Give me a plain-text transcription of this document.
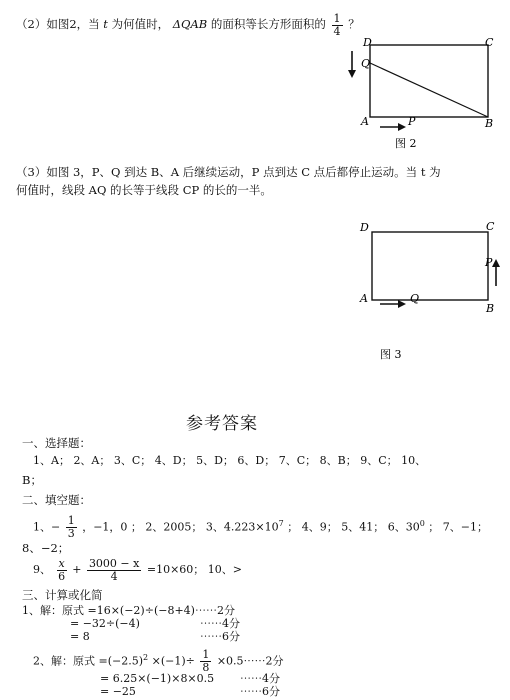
（2）如图2，当 t 为何值时， ΔQAB 的面积等长方形面积的 $\frac{1}{4}$ ？
D	C
Q
A	P	B
图 2
（3）如图 3，P、Q 到达 B、A 后继续运动，P 点到达 C 点后都停止运动。当 t 为
何值时，线段 AQ 的长等于线段 CP 的长的一半。
D	C
P
A	Q
B
图 3
参考答案
一、选择题：
1、A； 2、A； 3、C； 4、D； 5、D； 6、D； 7、C； 8、B； 9、C； 10、
B；
二、填空题：
1、− $\frac{1}{3}$ ，−1，0 ； 2、2005； 3、$4.223\times 10^7$ ； 4、9； 5、41； 6、$30^0$ ； 7、−1；
8、−2；
9、 $\frac{x}{6} + \frac{3000 - x}{4} =10\times 60$； 10、>
三、计算或化简
1、解：原式 =16×(−2)÷(−8+4)⋯⋯2分
= −32÷(−4)	⋯⋯4分
= 8	⋯⋯6分
2、解：原式 $=(-2.5)^2 \times(-1)\div \frac{1}{8}$ ×0.5⋯⋯2分
= 6.25×(−1)×8×0.5 ⋯⋯4分
= −25	⋯⋯6分
